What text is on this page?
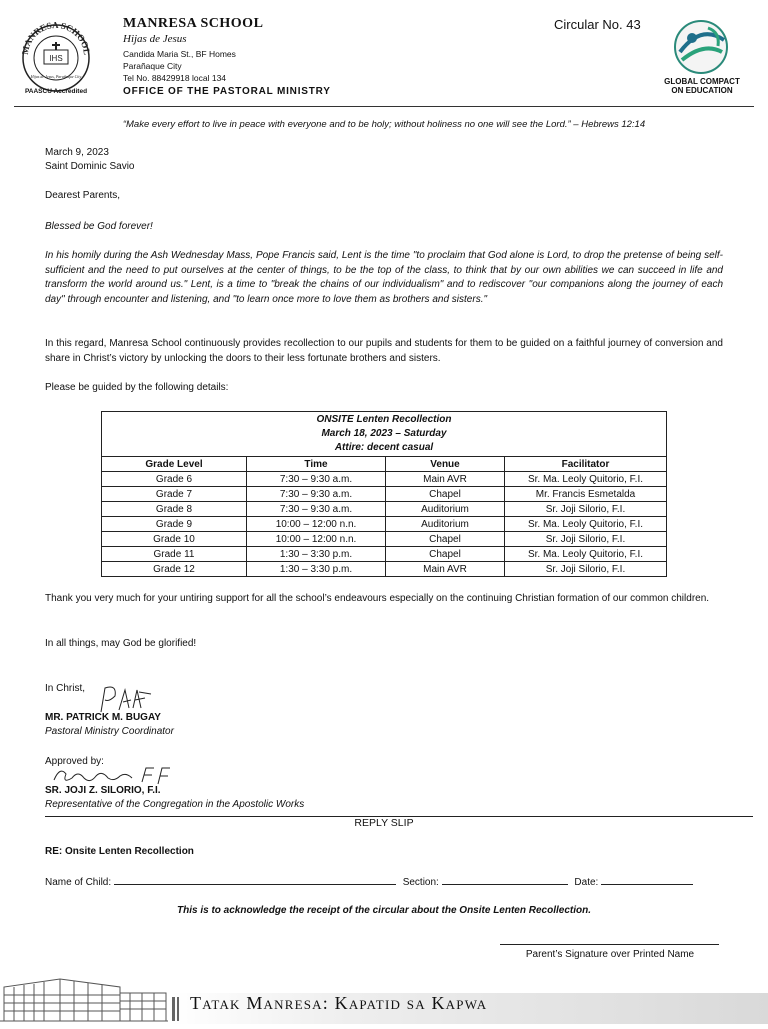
MANRESA SCHOOL
IHS
Hijas de Jesus, Parañaque City
PAASCU Accredited
MANRESA SCHOOL
Hijas de Jesus
Candida Maria St., BF Homes
Parañaque City
Tel No. 88429918 local 134
OFFICE OF THE PASTORAL MINISTRY
Circular No. 43
GLOBAL COMPACT
ON EDUCATION
“Make every effort to live in peace with everyone and to be holy; without holiness no one will see the Lord.” – Hebrews 12:14
March 9, 2023
Saint Dominic Savio
Dearest Parents,
Blessed be God forever!
In his homily during the Ash Wednesday Mass, Pope Francis said, Lent is the time "to proclaim that God alone is Lord, to drop the pretense of being self-sufficient and the need to put ourselves at the center of things, to be the top of the class, to think that by our own abilities we can succeed in life and transform the world around us." Lent, is a time to "break the chains of our individualism" and to rediscover "our companions along the journey of each day" through encounter and listening, and "to learn once more to love them as brothers and sisters."
In this regard, Manresa School continuously provides recollection to our pupils and students for them to be guided on a faithful journey of conversion and share in Christ’s victory by unlocking the doors to their less fortunate brothers and sisters.
Please be guided by the following details:
ONSITE Lenten Recollection
March 18, 2023 – Saturday
Attire: decent casual			

Grade Level	Time	Venue	Facilitator
Grade 6	7:30 – 9:30 a.m.	Main AVR	Sr. Ma. Leoly Quitorio, F.I.
Grade 7	7:30 – 9:30 a.m.	Chapel	Mr. Francis Esmetalda
Grade 8	7:30 – 9:30 a.m.	Auditorium	Sr. Joji Silorio, F.I.
Grade 9	10:00 – 12:00 n.n.	Auditorium	Sr. Ma. Leoly Quitorio, F.I.
Grade 10	10:00 – 12:00 n.n.	Chapel	Sr. Joji Silorio, F.I.
Grade 11	1:30 – 3:30 p.m.	Chapel	Sr. Ma. Leoly Quitorio, F.I.
Grade 12	1:30 – 3:30 p.m.	Main AVR	Sr. Joji Silorio, F.I.
Thank you very much for your untiring support for all the school’s endeavours especially on the continuing Christian formation of our common children.
In all things, may God be glorified!
In Christ,
MR. PATRICK M. BUGAY
Pastoral Ministry Coordinator
Approved by:
SR. JOJI Z. SILORIO, F.I.
Representative of the Congregation in the Apostolic Works
REPLY SLIP
RE: Onsite Lenten Recollection
Name of Child:	Section:	Date:
This is to acknowledge the receipt of the circular about the Onsite Lenten Recollection.
Parent’s Signature over Printed Name
Tatak Manresa: Kapatid sa Kapwa
